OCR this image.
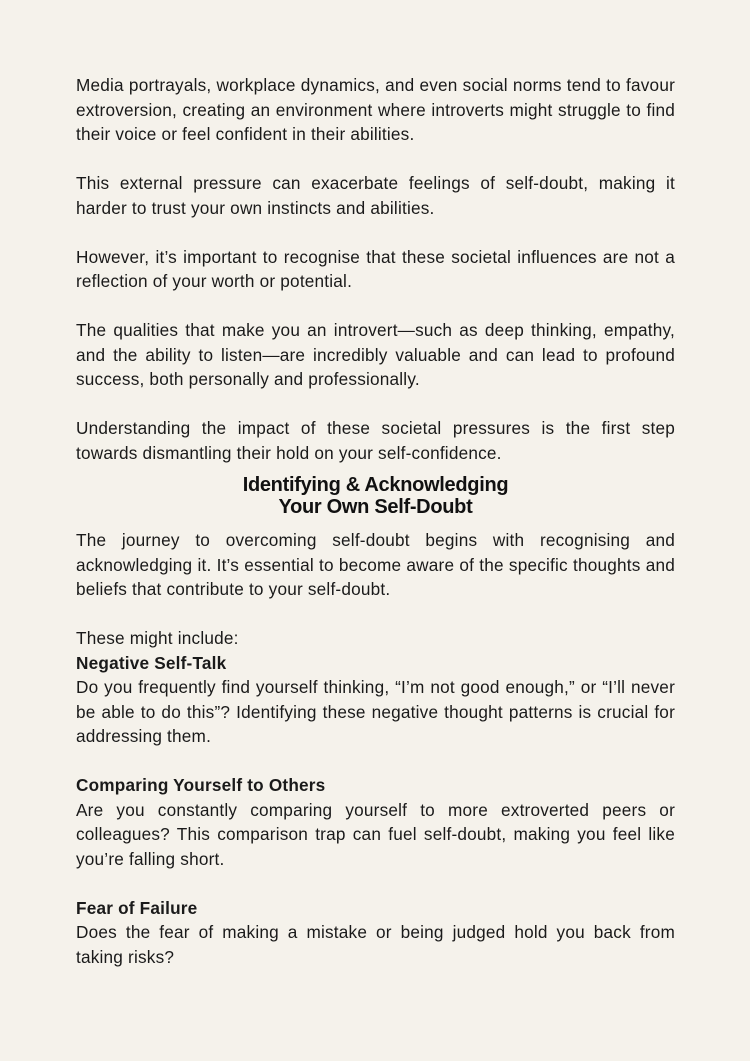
Media portrayals, workplace dynamics, and even social norms tend to favour extroversion, creating an environment where introverts might struggle to find their voice or feel confident in their abilities.

This external pressure can exacerbate feelings of self-doubt, making it harder to trust your own instincts and abilities.

However, it’s important to recognise that these societal influences are not a reflection of your worth or potential.

The qualities that make you an introvert—such as deep thinking, empathy, and the ability to listen—are incredibly valuable and can lead to profound success, both personally and professionally.

Understanding the impact of these societal pressures is the first step towards dismantling their hold on your self-confidence.

Identifying & Acknowledging
Your Own Self-Doubt

The journey to overcoming self-doubt begins with recognising and acknowledging it. It’s essential to become aware of the specific thoughts and beliefs that contribute to your self-doubt.

These might include:

Negative Self-Talk

Do you frequently find yourself thinking, “I’m not good enough,” or “I’ll never be able to do this”? Identifying these negative thought patterns is crucial for addressing them.

Comparing Yourself to Others

Are you constantly comparing yourself to more extroverted peers or colleagues? This comparison trap can fuel self-doubt, making you feel like you’re falling short.

Fear of Failure

Does the fear of making a mistake or being judged hold you back from taking risks?
